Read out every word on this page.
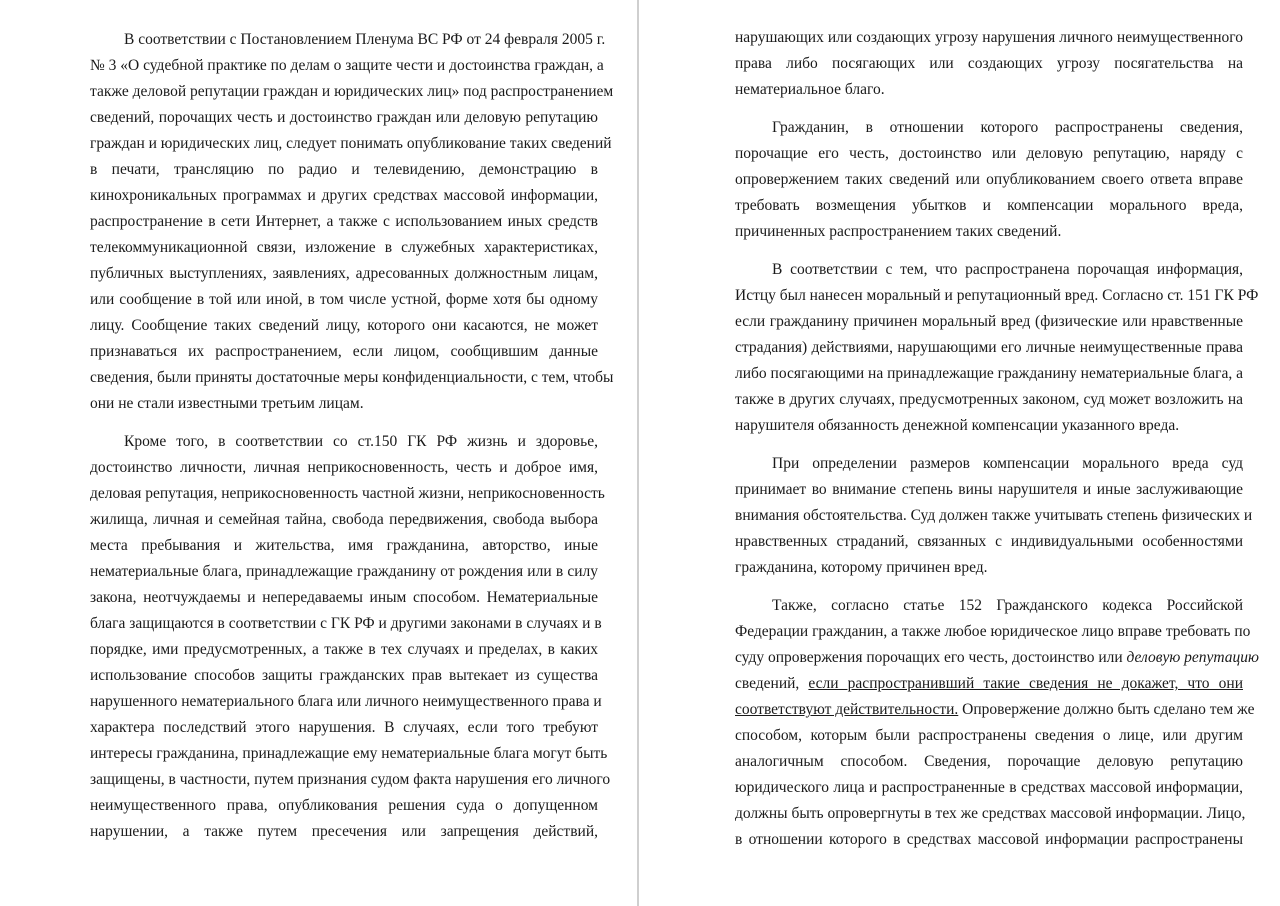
В соответствии с Постановлением Пленума ВС РФ от 24 февраля 2005 г.
№ 3 «О судебной практике по делам о защите чести и достоинства граждан, а
также деловой репутации граждан и юридических лиц» под распространением
сведений, порочащих честь и достоинство граждан или деловую репутацию
граждан и юридических лиц, следует понимать опубликование таких сведений
в печати, трансляцию по радио и телевидению, демонстрацию в
кинохроникальных программах и других средствах массовой информации,
распространение в сети Интернет, а также с использованием иных средств
телекоммуникационной связи, изложение в служебных характеристиках,
публичных выступлениях, заявлениях, адресованных должностным лицам,
или сообщение в той или иной, в том числе устной, форме хотя бы одному
лицу. Сообщение таких сведений лицу, которого они касаются, не может
признаваться их распространением, если лицом, сообщившим данные
сведения, были приняты достаточные меры конфиденциальности, с тем, чтобы
они не стали известными третьим лицам.
Кроме того, в соответствии со ст.150 ГК РФ жизнь и здоровье,
достоинство личности, личная неприкосновенность, честь и доброе имя,
деловая репутация, неприкосновенность частной жизни, неприкосновенность
жилища, личная и семейная тайна, свобода передвижения, свобода выбора
места пребывания и жительства, имя гражданина, авторство, иные
нематериальные блага, принадлежащие гражданину от рождения или в силу
закона, неотчуждаемы и непередаваемы иным способом. Нематериальные
блага защищаются в соответствии с ГК РФ и другими законами в случаях и в
порядке, ими предусмотренных, а также в тех случаях и пределах, в каких
использование способов защиты гражданских прав вытекает из существа
нарушенного нематериального блага или личного неимущественного права и
характера последствий этого нарушения. В случаях, если того требуют
интересы гражданина, принадлежащие ему нематериальные блага могут быть
защищены, в частности, путем признания судом факта нарушения его личного
неимущественного права, опубликования решения суда о допущенном
нарушении, а также путем пресечения или запрещения действий,
нарушающих или создающих угрозу нарушения личного неимущественного
права либо посягающих или создающих угрозу посягательства на
нематериальное благо.
Гражданин, в отношении которого распространены сведения,
порочащие его честь, достоинство или деловую репутацию, наряду с
опровержением таких сведений или опубликованием своего ответа вправе
требовать возмещения убытков и компенсации морального вреда,
причиненных распространением таких сведений.
В соответствии с тем, что распространена порочащая информация,
Истцу был нанесен моральный и репутационный вред. Согласно ст. 151 ГК РФ
если гражданину причинен моральный вред (физические или нравственные
страдания) действиями, нарушающими его личные неимущественные права
либо посягающими на принадлежащие гражданину нематериальные блага, а
также в других случаях, предусмотренных законом, суд может возложить на
нарушителя обязанность денежной компенсации указанного вреда.
При определении размеров компенсации морального вреда суд
принимает во внимание степень вины нарушителя и иные заслуживающие
внимания обстоятельства. Суд должен также учитывать степень физических и
нравственных страданий, связанных с индивидуальными особенностями
гражданина, которому причинен вред.
Также, согласно статье 152 Гражданского кодекса Российской
Федерации гражданин, а также любое юридическое лицо вправе требовать по
суду опровержения порочащих его честь, достоинство или деловую репутацию
сведений, если распространивший такие сведения не докажет, что они
соответствуют действительности. Опровержение должно быть сделано тем же
способом, которым были распространены сведения о лице, или другим
аналогичным способом. Сведения, порочащие деловую репутацию
юридического лица и распространенные в средствах массовой информации,
должны быть опровергнуты в тех же средствах массовой информации. Лицо,
в отношении которого в средствах массовой информации распространены
